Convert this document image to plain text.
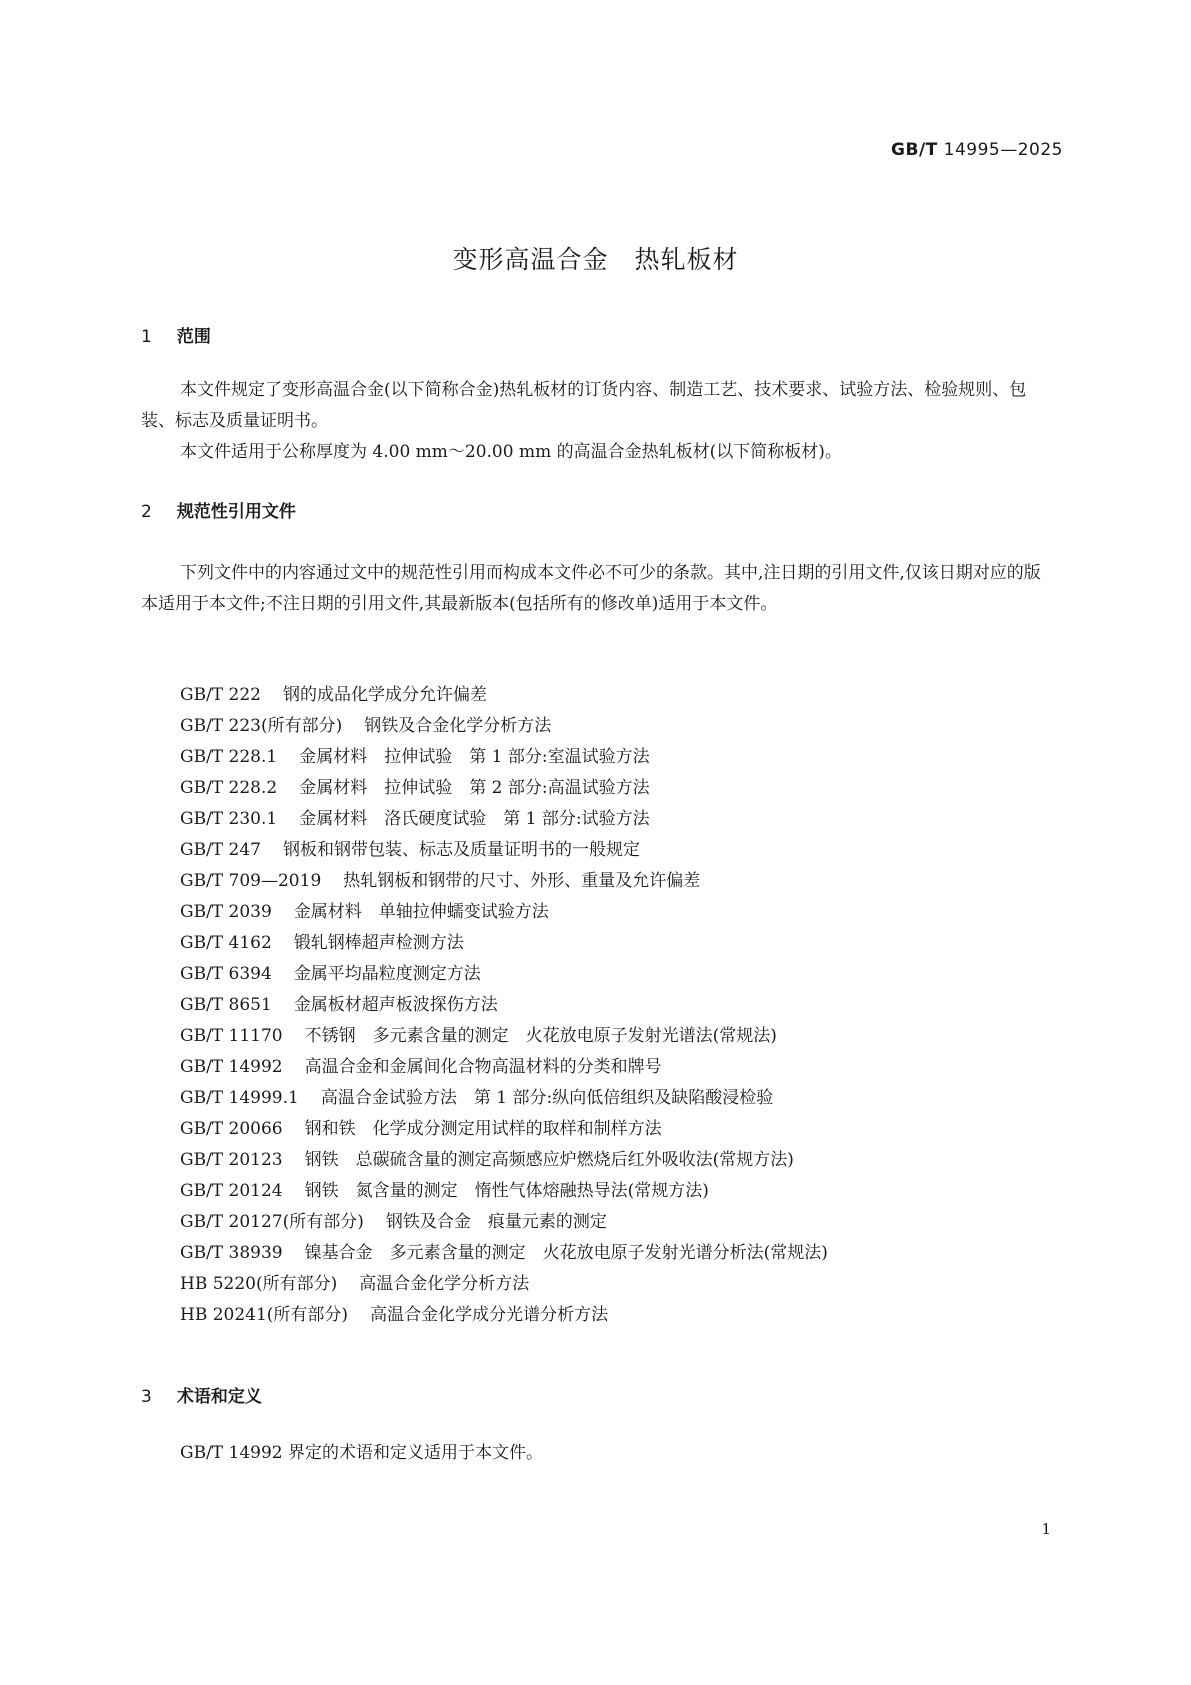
GB/T 14995—2025
变形高温合金　热轧板材
1 范围

本文件规定了变形高温合金(以下简称合金)热轧板材的订货内容、制造工艺、技术要求、试验方法、检验规则、包装、标志及质量证明书。

本文件适用于公称厚度为 4.00 mm～20.00 mm 的高温合金热轧板材(以下简称板材)。

2 规范性引用文件

下列文件中的内容通过文中的规范性引用而构成本文件必不可少的条款。其中,注日期的引用文件,仅该日期对应的版本适用于本文件;不注日期的引用文件,其最新版本(包括所有的修改单)适用于本文件。

GB/T 222 钢的成品化学成分允许偏差
GB/T 223(所有部分) 钢铁及合金化学分析方法
GB/T 228.1 金属材料　拉伸试验　第 1 部分:室温试验方法
GB/T 228.2 金属材料　拉伸试验　第 2 部分:高温试验方法
GB/T 230.1 金属材料　洛氏硬度试验　第 1 部分:试验方法
GB/T 247 钢板和钢带包装、标志及质量证明书的一般规定
GB/T 709—2019 热轧钢板和钢带的尺寸、外形、重量及允许偏差
GB/T 2039 金属材料　单轴拉伸蠕变试验方法
GB/T 4162 锻轧钢棒超声检测方法
GB/T 6394 金属平均晶粒度测定方法
GB/T 8651 金属板材超声板波探伤方法
GB/T 11170 不锈钢　多元素含量的测定　火花放电原子发射光谱法(常规法)
GB/T 14992 高温合金和金属间化合物高温材料的分类和牌号
GB/T 14999.1 高温合金试验方法　第 1 部分:纵向低倍组织及缺陷酸浸检验
GB/T 20066 钢和铁　化学成分测定用试样的取样和制样方法
GB/T 20123 钢铁　总碳硫含量的测定高频感应炉燃烧后红外吸收法(常规方法)
GB/T 20124 钢铁　氮含量的测定　惰性气体熔融热导法(常规方法)
GB/T 20127(所有部分) 钢铁及合金　痕量元素的测定
GB/T 38939 镍基合金　多元素含量的测定　火花放电原子发射光谱分析法(常规法)
HB 5220(所有部分) 高温合金化学分析方法
HB 20241(所有部分) 高温合金化学成分光谱分析方法
3 术语和定义

GB/T 14992 界定的术语和定义适用于本文件。

1
